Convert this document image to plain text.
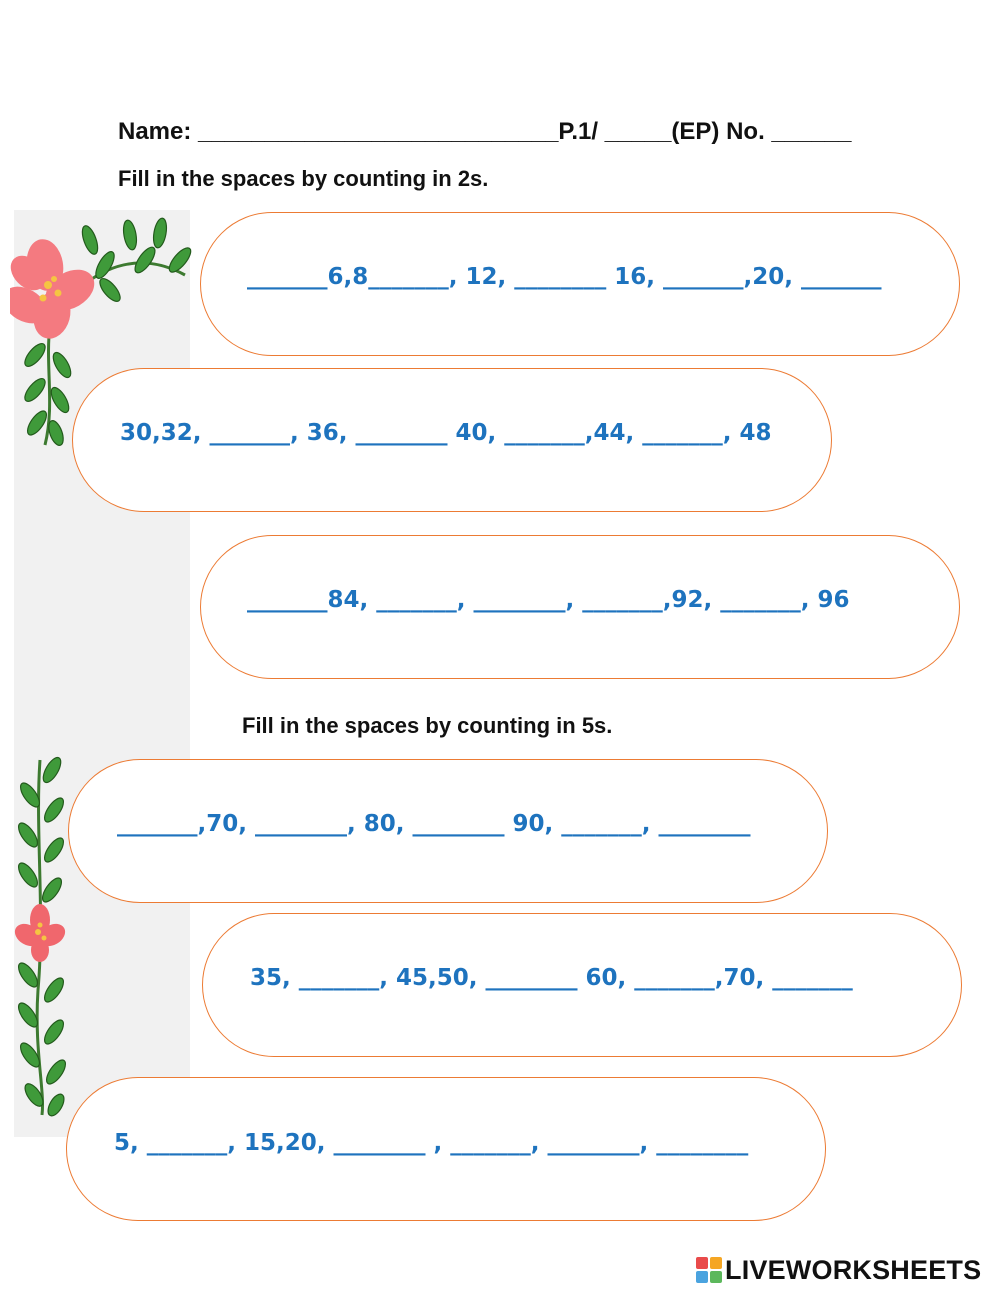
Name: ___________________________P.1/ _____(EP) No. ______
Fill in the spaces by counting in 2s.
_______6,8_______, 12, ________ 16, _______,20, _______
30,32, _______, 36, ________ 40, _______,44, _______, 48
_______84, _______, ________, _______,92, _______, 96
Fill in the spaces by counting in 5s.
_______,70, ________, 80, ________ 90, _______, ________
35, _______, 45,50, ________ 60, _______,70, _______
5, _______, 15,20, ________ , _______, ________, ________
LIVEWORKSHEETS
